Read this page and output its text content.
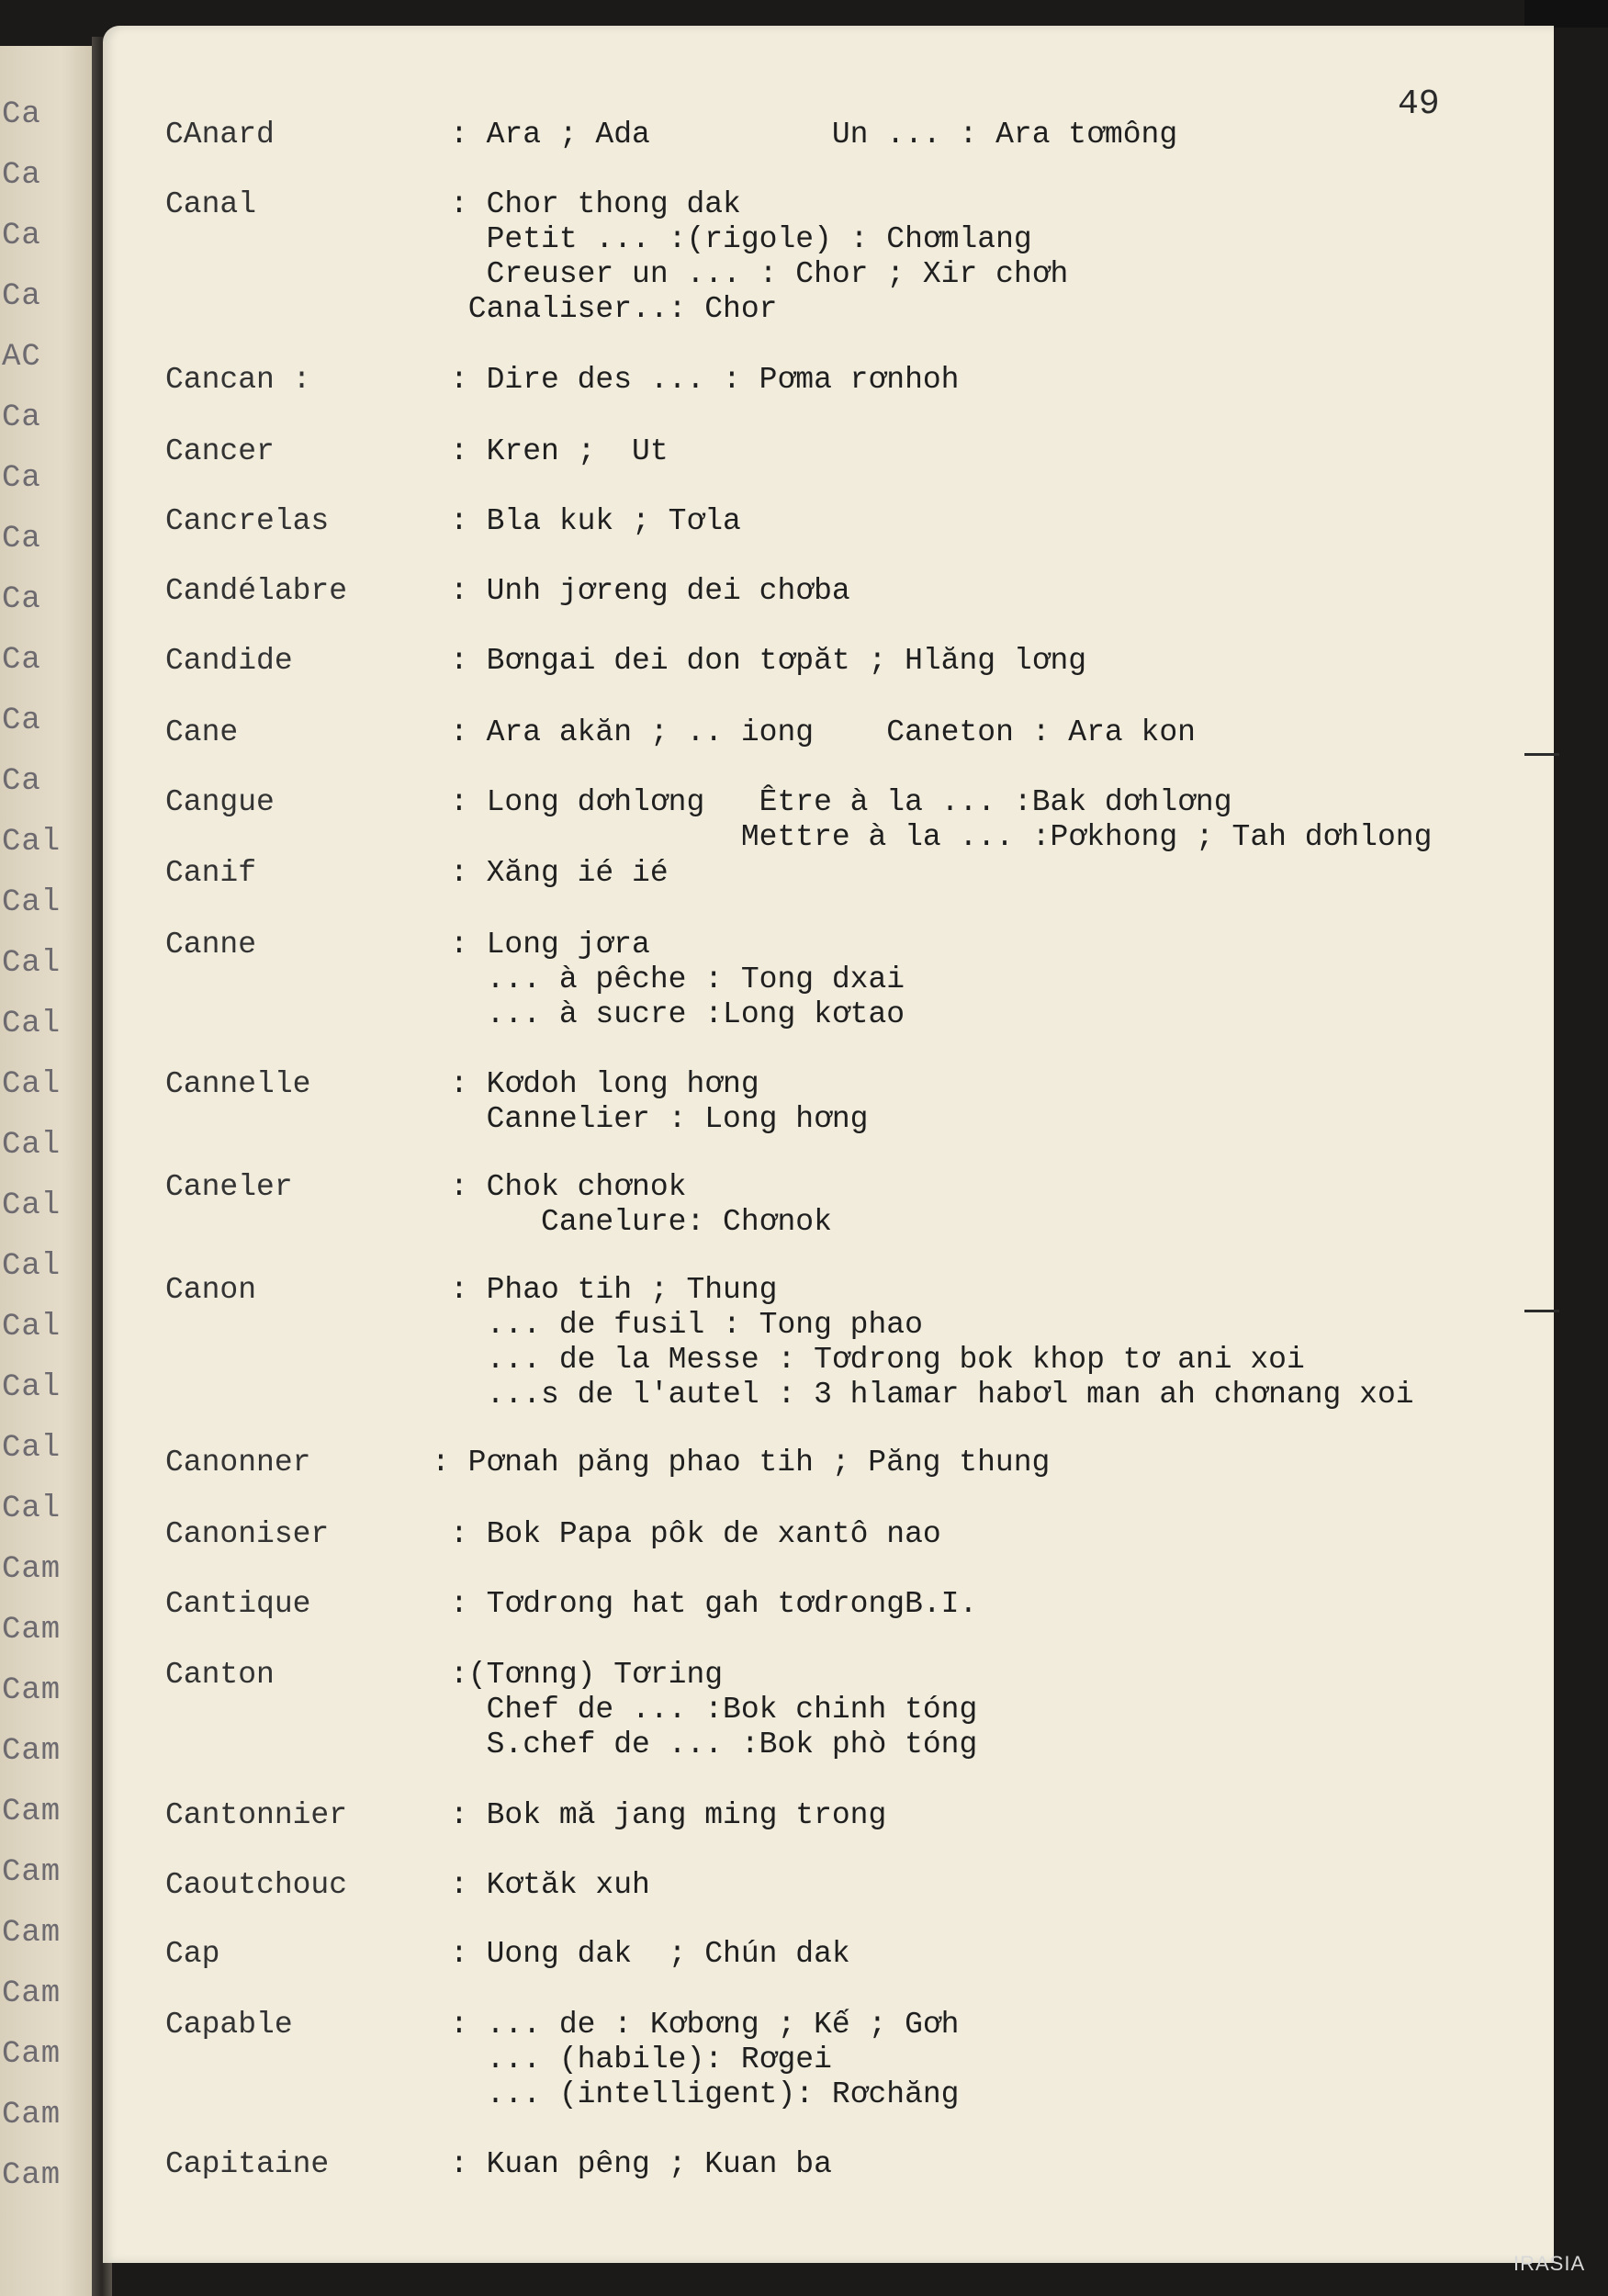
Ca
Ca
Ca
Ca
AC
Ca
Ca
Ca
Ca
Ca
Ca
Ca
Cal
Cal
Cal
Cal
Cal
Cal
Cal
Cal
Cal
Cal
Cal
Cal
Cam
Cam
Cam
Cam
Cam
Cam
Cam
Cam
Cam
Cam
Cam
49
CAnard	: Ara ; Ada          Un ... : Ara tơmông
Canal	: Chor thong dak
Petit ... :(rigole) : Chơmlang
Creuser un ... : Chor ; Xir chơh
Canaliser..: Chor
Cancan :	: Dire des ... : Pơma rơnhoh
Cancer	: Kren ;  Ut
Cancrelas	: Bla kuk ; Tơla
Candélabre	: Unh jơreng dei chơba
Candide	: Bơngai dei don tơpăt ; Hlăng lơng
Cane	: Ara akăn ; .. iong    Caneton : Ara kon
Cangue	: Long dơhlơng   Être à la ... :Bak dơhlơng
Mettre à la ... :Pơkhong ; Tah dơhlong
Canif	: Xăng ié ié
Canne	: Long jơra
... à pêche : Tong dxai
... à sucre :Long kơtao
Cannelle	: Kơdoh long hơng
Cannelier : Long hơng
Caneler	: Chok chơnok
Canelure: Chơnok
Canon	: Phao tih ; Thung
... de fusil : Tong phao
... de la Messe : Tơdrong bok khop tơ ani xoi
...s de l'autel : 3 hlamar habơl man ah chơnang xoi
Canonner	: Pơnah păng phao tih ; Păng thung
Canoniser	: Bok Papa pôk de xantô nao
Cantique	: Tơdrong hat gah tơdrongB.I.
Canton	:(Tơnng) Tơring
Chef de ... :Bok chinh tóng
S.chef de ... :Bok phò tóng
Cantonnier	: Bok mă jang ming trong
Caoutchouc	: Kơtăk xuh
Cap	: Uong dak  ; Chún dak
Capable	: ... de : Kơbơng ; Kế ; Gơh
... (habile): Rơgei
... (intelligent): Rơchăng
Capitaine	: Kuan pêng ; Kuan ba
IRASIA
